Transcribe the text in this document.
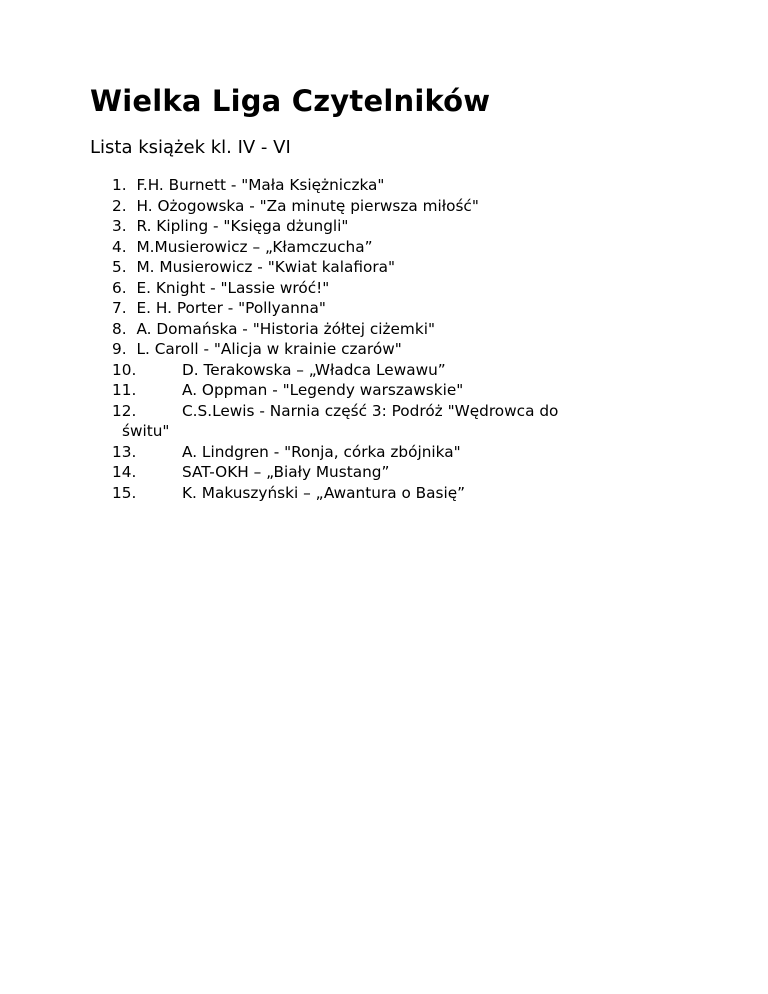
Wielka Liga Czytelników
Lista książek kl. IV - VI
1. F.H. Burnett - "Mała Księżniczka"
2. H. Ożogowska - "Za minutę pierwsza miłość"
3. R. Kipling - "Księga dżungli"
4. M.Musierowicz – „Kłamczucha”
5. M. Musierowicz - "Kwiat kalafiora"
6. E. Knight - "Lassie wróć!"
7. E. H. Porter - "Pollyanna"
8. A. Domańska - "Historia żółtej ciżemki"
9. L. Caroll - "Alicja w krainie czarów"
10.	D. Terakowska – „Władca Lewawu”
11.	A. Oppman - "Legendy warszawskie"
12.	C.S.Lewis - Narnia część 3: Podróż "Wędrowca do
świtu"
13.	A. Lindgren - "Ronja, córka zbójnika"
14.	SAT-OKH – „Biały Mustang”
15.	K. Makuszyński – „Awantura o Basię”
